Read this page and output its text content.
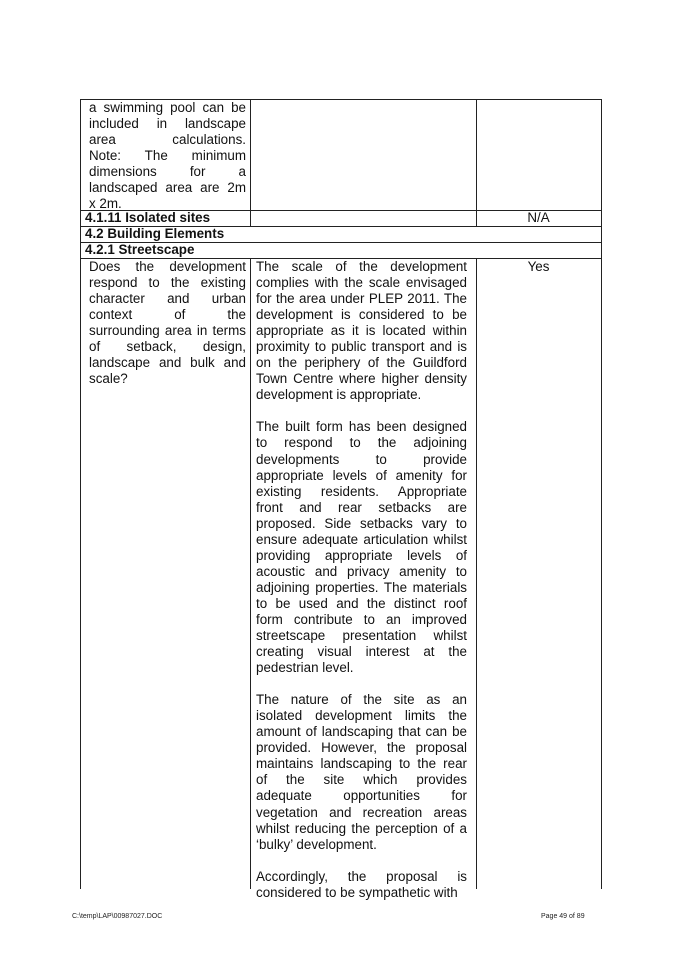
a swimming pool can be
included in landscape
area calculations.
Note: The minimum
dimensions for a
landscaped area are 2m
x 2m.
4.1.11 Isolated sites	N/A
4.2 Building Elements
4.2.1 Streetscape
Does the development
respond to the existing
character and urban
context of the
surrounding area in terms
of setback, design,
landscape and bulk and
scale?
The scale of the development
complies with the scale envisaged
for the area under PLEP 2011. The
development is considered to be
appropriate as it is located within
proximity to public transport and is
on the periphery of the Guildford
Town Centre where higher density
development is appropriate.
The built form has been designed
to respond to the adjoining
developments to provide
appropriate levels of amenity for
existing residents. Appropriate
front and rear setbacks are
proposed. Side setbacks vary to
ensure adequate articulation whilst
providing appropriate levels of
acoustic and privacy amenity to
adjoining properties. The materials
to be used and the distinct roof
form contribute to an improved
streetscape presentation whilst
creating visual interest at the
pedestrian level.
The nature of the site as an
isolated development limits the
amount of landscaping that can be
provided. However, the proposal
maintains landscaping to the rear
of the site which provides
adequate opportunities for
vegetation and recreation areas
whilst reducing the perception of a
‘bulky’ development.
Accordingly, the proposal is
considered to be sympathetic with
Yes
C:\temp\LAP\00987027.DOC	Page 49 of 89
